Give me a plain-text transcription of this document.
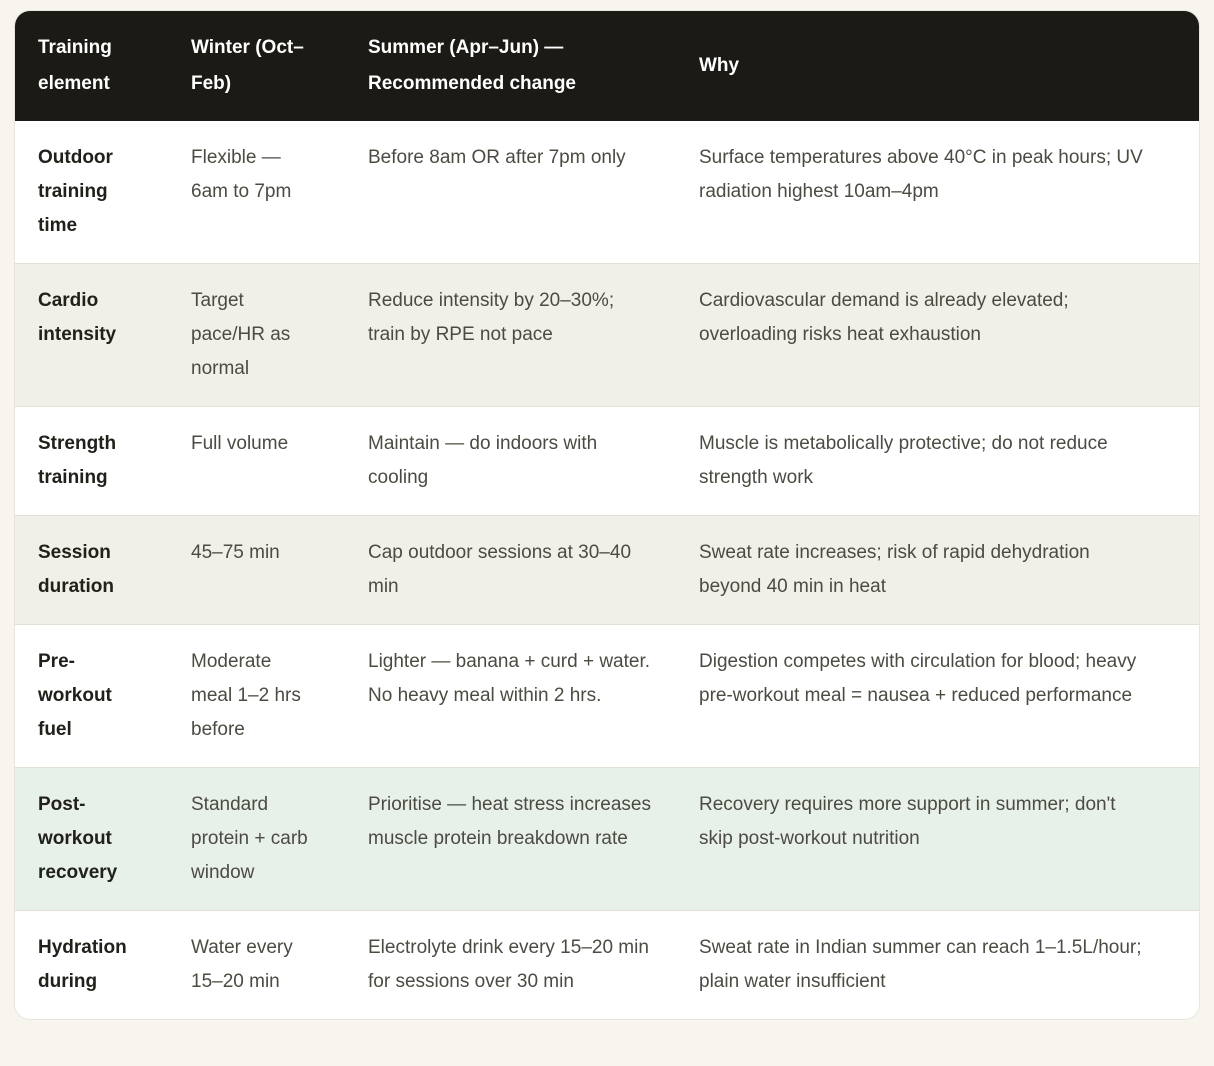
Training element	Winter (Oct–Feb)	Summer (Apr–Jun) — Recommended change	Why
Outdoor training time	Flexible — 6am to 7pm	Before 8am OR after 7pm only	Surface temperatures above 40°C in peak hours; UV radiation highest 10am–4pm
Cardio intensity	Target pace/HR as normal	Reduce intensity by 20–30%; train by RPE not pace	Cardiovascular demand is already elevated; overloading risks heat exhaustion
Strength training	Full volume	Maintain — do indoors with cooling	Muscle is metabolically protective; do not reduce strength work
Session duration	45–75 min	Cap outdoor sessions at 30–40 min	Sweat rate increases; risk of rapid dehydration beyond 40 min in heat
Pre-workout fuel	Moderate meal 1–2 hrs before	Lighter — banana + curd + water. No heavy meal within 2 hrs.	Digestion competes with circulation for blood; heavy pre-workout meal = nausea + reduced performance
Post-workout recovery	Standard protein + carb window	Prioritise — heat stress increases muscle protein breakdown rate	Recovery requires more support in summer; don't skip post-workout nutrition
Hydration during	Water every 15–20 min	Electrolyte drink every 15–20 min for sessions over 30 min	Sweat rate in Indian summer can reach 1–1.5L/hour; plain water insufficient
